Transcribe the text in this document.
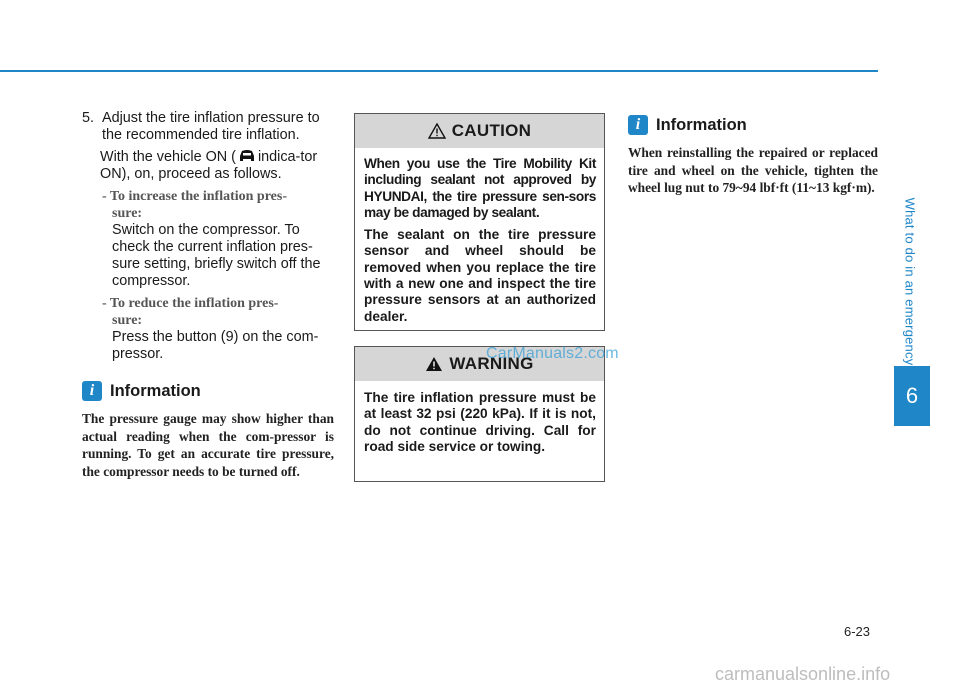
What to do in an emergency
6
5. Adjust the tire inflation pressure to the recommended tire inflation.
With the vehicle ON ( indica-tor ON), on, proceed as follows.
- To increase the inflation pres-
sure:
Switch on the compressor. To check the current inflation pres-sure setting, briefly switch off the compressor.
- To reduce the inflation pres-
sure:
Press the button (9) on the com-pressor.
i Information
The pressure gauge may show higher than actual reading when the com-pressor is running. To get an accurate tire pressure, the compressor needs to be turned off.
CAUTION

When you use the Tire Mobility Kit including sealant not approved by HYUNDAI, the tire pressure sen-sors may be damaged by sealant.

The sealant on the tire pressure sensor and wheel should be removed when you replace the tire with a new one and inspect the tire pressure sensors at an authorized dealer.

WARNING

The tire inflation pressure must be at least 32 psi (220 kPa). If it is not, do not continue driving. Call for road side service or towing.

CarManuals2.com
i Information
When reinstalling the repaired or replaced tire and wheel on the vehicle, tighten the wheel lug nut to 79~94 lbf·ft (11~13 kgf·m).
6-23
carmanualsonline.info
